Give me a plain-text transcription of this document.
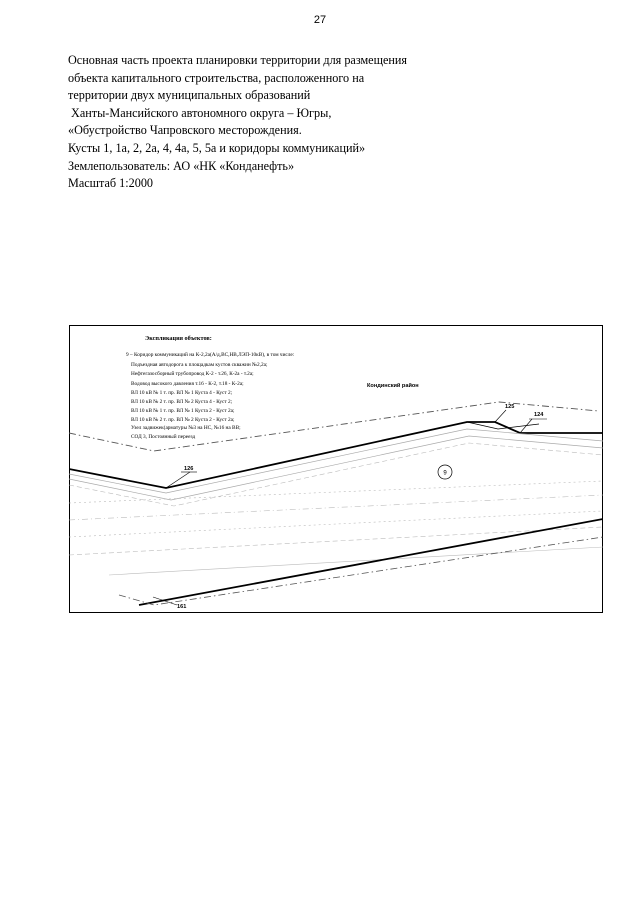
27
Основная часть проекта планировки территории для размещения
объекта капитального строительства, расположенного на
территории двух муниципальных образований
Ханты-Мансийского автономного округа – Югры,
«Обустройство Чапровского месторождения.
Кусты 1, 1а, 2, 2а, 4, 4а, 5, 5а и коридоры коммуникаций»
Землепользователь: АО «НК «Конданефть»
Масштаб 1:2000
Экспликация объектов:
9 – Коридор коммуникаций на К-2,2а(А/д,ВС,НВ,ЛЭП-10кВ), в том числе:
Подъездная автодорога к площадкам кустов скважин №2,2а;
Нефтегазосборный трубопровод К-2 - т.26, К-2а - т.2а;
Водовод высокого давления т.16 - К-2, т.18 - К-2а;
ВЛ 10 кВ № 1 т. пр. ВЛ № 1 Куста 4 - Куст 2;
ВЛ 10 кВ № 2 т. пр. ВЛ № 2 Куста 4 - Куст 2;
ВЛ 10 кВ № 1 т. пр. ВЛ № 1 Куста 2 - Куст 2а;
ВЛ 10 кВ № 2 т. пр. ВЛ № 2 Куста 2 - Куст 2а;
Узел задвижек(арматуры №3 на НС, №16 на ВВ;
СОД 3, Постоянный переезд
Кондинский район
126
125
124
161
9
